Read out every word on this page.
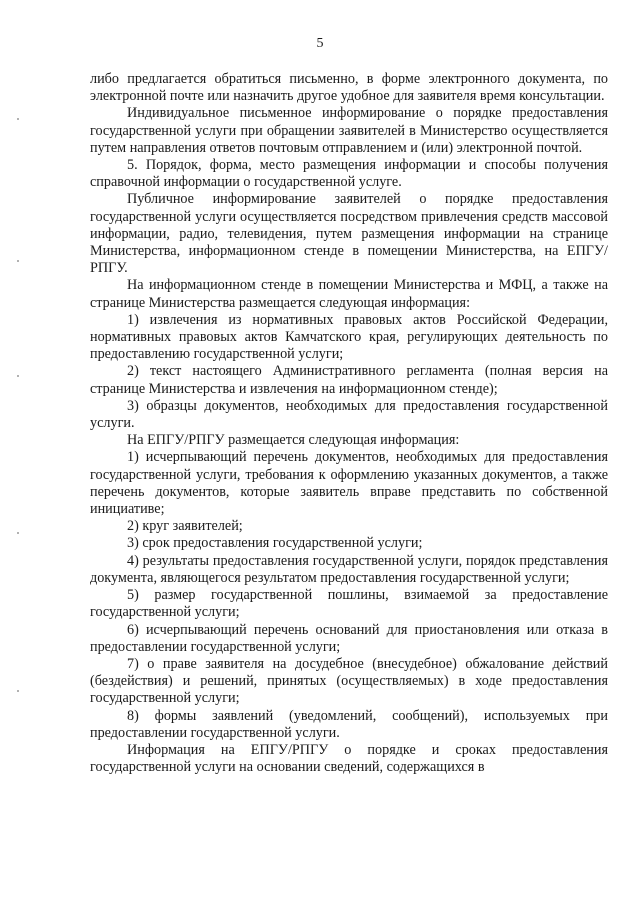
5

либо предлагается обратиться письменно, в форме электронного документа, по электронной почте или назначить другое удобное для заявителя время консультации.

Индивидуальное письменное информирование о порядке предоставления государственной услуги при обращении заявителей в Министерство осуществляется путем направления ответов почтовым отправлением и (или) электронной почтой.

5. Порядок, форма, место размещения информации и способы получения справочной информации о государственной услуге.

Публичное информирование заявителей о порядке предоставления государственной услуги осуществляется посредством привлечения средств массовой информации, радио, телевидения, путем размещения информации на странице Министерства, информационном стенде в помещении Министерства, на ЕПГУ/РПГУ.

На информационном стенде в помещении Министерства и МФЦ, а также на странице Министерства размещается следующая информация:

1) извлечения из нормативных правовых актов Российской Федерации, нормативных правовых актов Камчатского края, регулирующих деятельность по предоставлению государственной услуги;

2) текст настоящего Административного регламента (полная версия на странице Министерства и извлечения на информационном стенде);

3) образцы документов, необходимых для предоставления государственной услуги.

На ЕПГУ/РПГУ размещается следующая информация:

1) исчерпывающий перечень документов, необходимых для предоставления государственной услуги, требования к оформлению указанных документов, а также перечень документов, которые заявитель вправе представить по собственной инициативе;

2) круг заявителей;

3) срок предоставления государственной услуги;

4) результаты предоставления государственной услуги, порядок представления документа, являющегося результатом предоставления государственной услуги;

5) размер государственной пошлины, взимаемой за предоставление государственной услуги;

6) исчерпывающий перечень оснований для приостановления или отказа в предоставлении государственной услуги;

7) о праве заявителя на досудебное (внесудебное) обжалование действий (бездействия) и решений, принятых (осуществляемых) в ходе предоставления государственной услуги;

8) формы заявлений (уведомлений, сообщений), используемых при предоставлении государственной услуги.

Информация на ЕПГУ/РПГУ о порядке и сроках предоставления государственной услуги на основании сведений, содержащихся в
